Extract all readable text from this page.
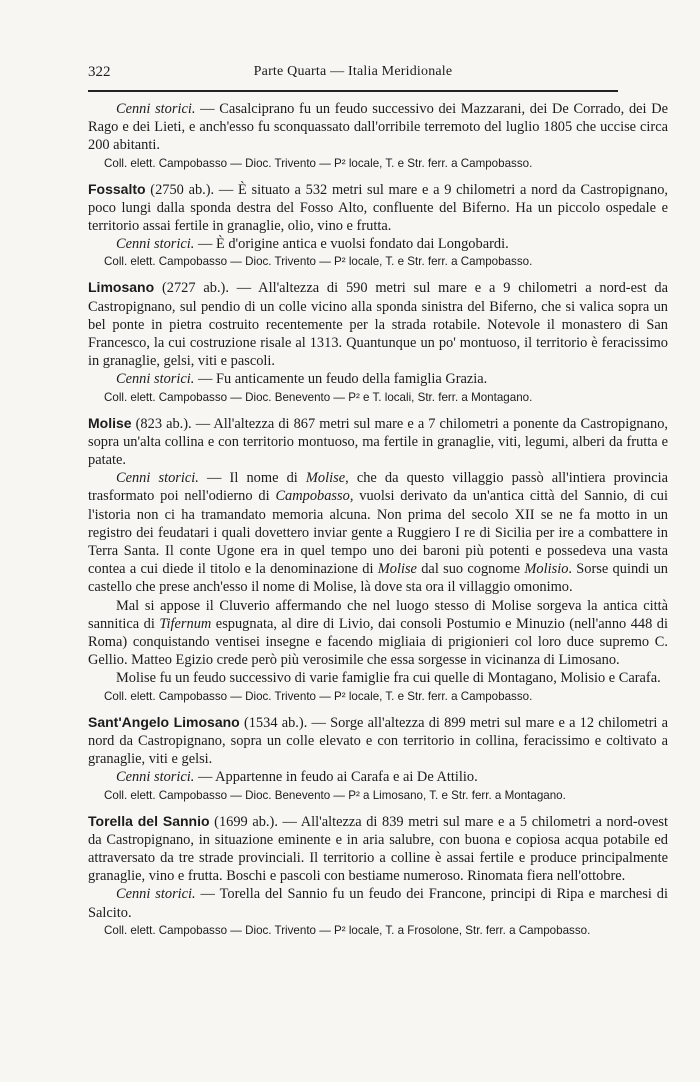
322	Parte Quarta — Italia Meridionale

Cenni storici. — Casalciprano fu un feudo successivo dei Mazzarani, dei De Corrado, dei De Rago e dei Lieti, e anch'esso fu sconquassato dall'orribile terremoto del luglio 1805 che uccise circa 200 abitanti.

Coll. elett. Campobasso — Dioc. Trivento — P² locale, T. e Str. ferr. a Campobasso.

Fossalto (2750 ab.). — È situato a 532 metri sul mare e a 9 chilometri a nord da Castropignano, poco lungi dalla sponda destra del Fosso Alto, confluente del Biferno. Ha un piccolo ospedale e territorio assai fertile in granaglie, olio, vino e frutta.

Cenni storici. — È d'origine antica e vuolsi fondato dai Longobardi.

Coll. elett. Campobasso — Dioc. Trivento — P² locale, T. e Str. ferr. a Campobasso.

Limosano (2727 ab.). — All'altezza di 590 metri sul mare e a 9 chilometri a nord-est da Castropignano, sul pendio di un colle vicino alla sponda sinistra del Biferno, che si valica sopra un bel ponte in pietra costruito recentemente per la strada rotabile. Notevole il monastero di San Francesco, la cui costruzione risale al 1313. Quantunque un po' montuoso, il territorio è feracissimo in granaglie, gelsi, viti e pascoli.

Cenni storici. — Fu anticamente un feudo della famiglia Grazia.

Coll. elett. Campobasso — Dioc. Benevento — P² e T. locali, Str. ferr. a Montagano.

Molise (823 ab.). — All'altezza di 867 metri sul mare e a 7 chilometri a ponente da Castropignano, sopra un'alta collina e con territorio montuoso, ma fertile in granaglie, viti, legumi, alberi da frutta e patate.

Cenni storici. — Il nome di Molise, che da questo villaggio passò all'intiera provincia trasformato poi nell'odierno di Campobasso, vuolsi derivato da un'antica città del Sannio, di cui l'istoria non ci ha tramandato memoria alcuna. Non prima del secolo XII se ne fa motto in un registro dei feudatari i quali dovettero inviar gente a Ruggiero I re di Sicilia per ire a combattere in Terra Santa. Il conte Ugone era in quel tempo uno dei baroni più potenti e possedeva una vasta contea a cui diede il titolo e la denominazione di Molise dal suo cognome Molisio. Sorse quindi un castello che prese anch'esso il nome di Molise, là dove sta ora il villaggio omonimo.

Mal si appose il Cluverio affermando che nel luogo stesso di Molise sorgeva la antica città sannitica di Tifernum espugnata, al dire di Livio, dai consoli Postumio e Minuzio (nell'anno 448 di Roma) conquistando ventisei insegne e facendo migliaia di prigionieri col loro duce supremo C. Gellio. Matteo Egizio crede però più verosimile che essa sorgesse in vicinanza di Limosano.

Molise fu un feudo successivo di varie famiglie fra cui quelle di Montagano, Molisio e Carafa.

Coll. elett. Campobasso — Dioc. Trivento — P² locale, T. e Str. ferr. a Campobasso.

Sant'Angelo Limosano (1534 ab.). — Sorge all'altezza di 899 metri sul mare e a 12 chilometri a nord da Castropignano, sopra un colle elevato e con territorio in collina, feracissimo e coltivato a granaglie, viti e gelsi.

Cenni storici. — Appartenne in feudo ai Carafa e ai De Attilio.

Coll. elett. Campobasso — Dioc. Benevento — P² a Limosano, T. e Str. ferr. a Montagano.

Torella del Sannio (1699 ab.). — All'altezza di 839 metri sul mare e a 5 chilometri a nord-ovest da Castropignano, in situazione eminente e in aria salubre, con buona e copiosa acqua potabile ed attraversato da tre strade provinciali. Il territorio a colline è assai fertile e produce principalmente granaglie, vino e frutta. Boschi e pascoli con bestiame numeroso. Rinomata fiera nell'ottobre.

Cenni storici. — Torella del Sannio fu un feudo dei Francone, principi di Ripa e marchesi di Salcito.

Coll. elett. Campobasso — Dioc. Trivento — P² locale, T. a Frosolone, Str. ferr. a Campobasso.
